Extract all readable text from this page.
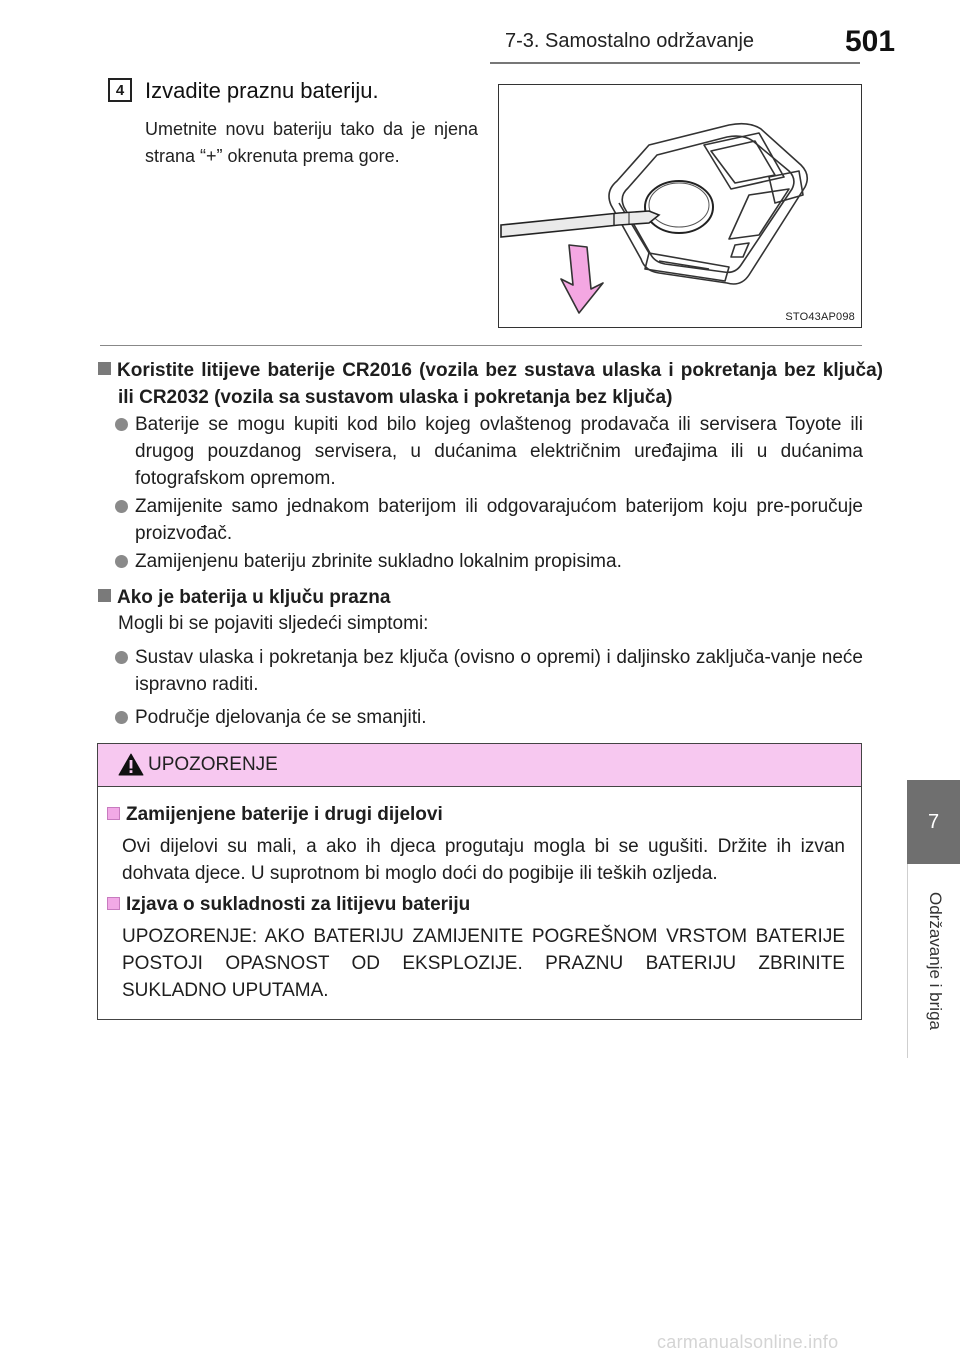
7-3. Samostalno održavanje	501
7
Održavanje i briga
4 Izvadite praznu bateriju.
Umetnite novu bateriju tako da je njena strana “+” okrenuta prema gore.
STO43AP098
Koristite litijeve baterije CR2016 (vozila bez sustava ulaska i pokretanja bez ključa) ili CR2032 (vozila sa sustavom ulaska i pokretanja bez ključa)
Baterije se mogu kupiti kod bilo kojeg ovlaštenog prodavača ili servisera Toyote ili drugog pouzdanog servisera, u dućanima električnim uređajima ili u dućanima fotografskom opremom.
Zamijenite samo jednakom baterijom ili odgovarajućom baterijom koju pre-poručuje proizvođač.
Zamijenjenu bateriju zbrinite sukladno lokalnim propisima.
Ako je baterija u ključu prazna
Mogli bi se pojaviti sljedeći simptomi:
Sustav ulaska i pokretanja bez ključa (ovisno o opremi) i daljinsko zaključa-vanje neće ispravno raditi.
Područje djelovanja će se smanjiti.
UPOZORENJE
Zamijenjene baterije i drugi dijelovi
Ovi dijelovi su mali, a ako ih djeca progutaju mogla bi se ugušiti. Držite ih izvan dohvata djece. U suprotnom bi moglo doći do pogibije ili teških ozljeda.
Izjava o sukladnosti za litijevu bateriju
UPOZORENJE: AKO BATERIJU ZAMIJENITE POGREŠNOM VRSTOM BATERIJE POSTOJI OPASNOST OD EKSPLOZIJE. PRAZNU BATERIJU ZBRINITE SUKLADNO UPUTAMA.
carmanualsonline.info
